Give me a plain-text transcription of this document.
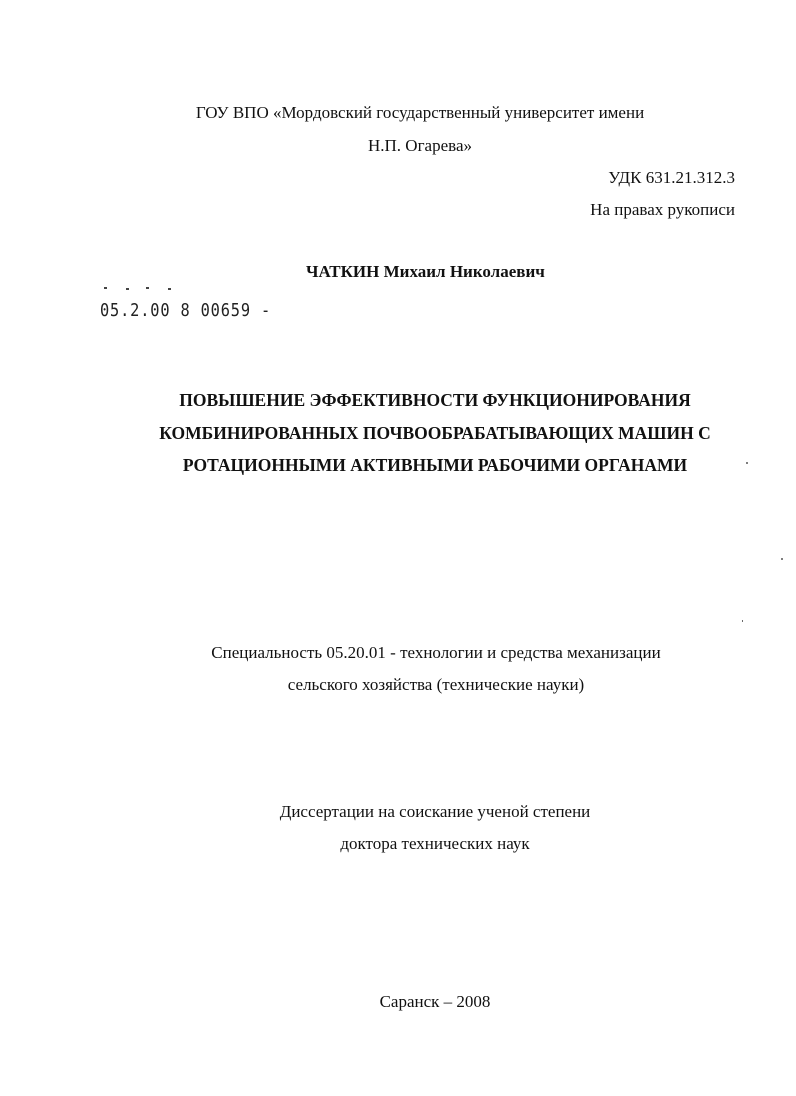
ГОУ ВПО «Мордовский государственный университет имени
Н.П. Огарева»
УДК 631.21.312.3
На правах рукописи
ЧАТКИН Михаил Николаевич
05.2.00 8 00659 -
ПОВЫШЕНИЕ ЭФФЕКТИВНОСТИ ФУНКЦИОНИРОВАНИЯ
КОМБИНИРОВАННЫХ ПОЧВООБРАБАТЫВАЮЩИХ МАШИН С
РОТАЦИОННЫМИ АКТИВНЫМИ РАБОЧИМИ ОРГАНАМИ
Специальность 05.20.01 - технологии и средства механизации
сельского хозяйства (технические науки)
Диссертации на соискание ученой степени
доктора технических наук
Саранск – 2008
